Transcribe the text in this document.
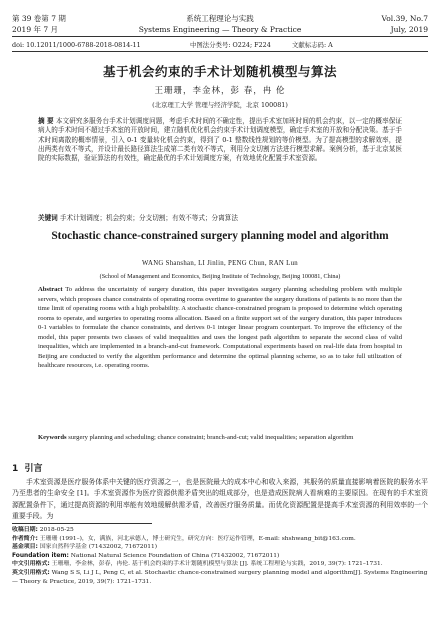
第 39 卷第 7 期	系统工程理论与实践	Vol.39, No.7
2019 年 7 月	Systems Engineering — Theory & Practice	July, 2019
doi: 10.12011/1000-6788-2018-0814-11	中图法分类号: O224; F224	文献标志码: A
基于机会约束的手术计划随机模型与算法
王珊珊，李金林，彭 春，冉 伦
(北京理工大学 管理与经济学院，北京 100081)
摘 要 本文研究多服务台手术计划调度问题，考虑手术时间的不确定性，提出手术室加班时间的机会约束，以一定的概率保证病人的手术时间不超过手术室的开放时间，建立随机优化机会约束手术计划调度模型，确定手术室的开放和分配决策。基于手术时间离散的概率情景，引入 0-1 变量转化机会约束，得到了 0-1 整数线性规划的等价模型。为了提高模型的求解效率，提出两类有效不等式，并设计最长路径算法生成第二类有效不等式，利用分支切割方法进行模型求解。案例分析，基于北京某医院的实际数据，验证算法的有效性，确定最优的手术计划调度方案，有效地优化配置手术室资源。
关键词 手术计划调度；机会约束；分支切割；有效不等式；分离算法
Stochastic chance-constrained surgery planning model and algorithm
WANG Shanshan, LI Jinlin, PENG Chun, RAN Lun
(School of Management and Economics, Beijing Institute of Technology, Beijing 100081, China)
Abstract To address the uncertainty of surgery duration, this paper investigates surgery planning scheduling problem with multiple servers, which proposes chance constraints of operating rooms overtime to guarantee the surgery durations of patients is no more than the time limit of operating rooms with a high probability. A stochastic chance-constrained program is proposed to determine which operating rooms to operate, and surgeries to operating rooms allocation. Based on a finite support set of the surgery duration, this paper introduces 0-1 variables to formulate the chance constraints, and derives 0-1 integer linear program counterpart. To improve the efficiency of the model, this paper presents two classes of valid inequalities and uses the longest path algorithm to separate the second class of valid inequalities, which are implemented in a branch-and-cut framework. Computational experiments based on real-life data from hospital in Beijing are conducted to verify the algorithm performance and determine the optimal planning scheme, so as to take full utilization of healthcare resources, i.e. operating rooms.
Keywords surgery planning and scheduling; chance constraint; branch-and-cut; valid inequalities; separation algorithm
1 引言
手术室资源是医疗服务体系中关键的医疗资源之一，也是医院最大的成本中心和收入来源，其服务的质量直接影响着医院的服务水平乃至患者的生命安全 [1]。手术室资源作为医疗资源供需矛盾突出的组成部分，也是造成医院病人看病难的主要原因。在现有的手术室资源配置条件下，通过提高资源的利用率能有效地缓解供需矛盾，改善医疗服务质量。而优化资源配置是提高手术室资源的利用效率的一个重要手段。为
收稿日期: 2018-05-25
作者简介: 王珊珊 (1991–)，女，满族，河北承德人，博士研究生，研究方向：医疗运作管理，E-mail: shshwang_bit@163.com.
基金项目: 国家自然科学基金 (71432002, 71672011)
Foundation item: National Natural Science Foundation of China (71432002, 71672011)
中文引用格式: 王珊珊，李金林，彭春，冉伦. 基于机会约束的手术计划随机模型与算法 [J]. 系统工程理论与实践，2019, 39(7): 1721–1731.
英文引用格式: Wang S S, Li J L, Peng C, et al. Stochastic chance-constrained surgery planning model and algorithm[J]. Systems Engineering — Theory & Practice, 2019, 39(7): 1721–1731.
